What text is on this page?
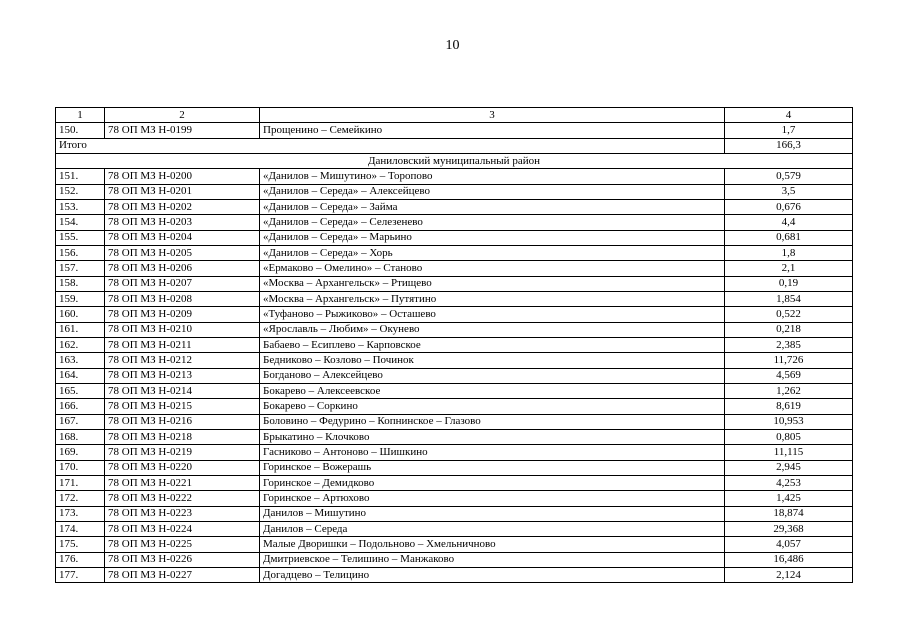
10
1	2	3	4
150.	78 ОП МЗ Н-0199	Прощенино – Семейкино	1,7
Итого			166,3
Даниловский муниципальный район			
151.	78 ОП МЗ Н-0200	«Данилов – Мишутино» – Торопово	0,579
152.	78 ОП МЗ Н-0201	«Данилов – Середа» – Алексейцево	3,5
153.	78 ОП МЗ Н-0202	«Данилов – Середа» – Займа	0,676
154.	78 ОП МЗ Н-0203	«Данилов – Середа» – Селезенево	4,4
155.	78 ОП МЗ Н-0204	«Данилов – Середа» – Марьино	0,681
156.	78 ОП МЗ Н-0205	«Данилов – Середа» – Хорь	1,8
157.	78 ОП МЗ Н-0206	«Ермаково – Омелино» – Станово	2,1
158.	78 ОП МЗ Н-0207	«Москва – Архангельск» – Ртищево	0,19
159.	78 ОП МЗ Н-0208	«Москва – Архангельск» – Путятино	1,854
160.	78 ОП МЗ Н-0209	«Туфаново – Рыжиково» – Осташево	0,522
161.	78 ОП МЗ Н-0210	«Ярославль – Любим» – Окунево	0,218
162.	78 ОП МЗ Н-0211	Бабаево – Есиплево – Карповское	2,385
163.	78 ОП МЗ Н-0212	Бедниково – Козлово – Починок	11,726
164.	78 ОП МЗ Н-0213	Богданово – Алексейцево	4,569
165.	78 ОП МЗ Н-0214	Бокарево – Алексеевское	1,262
166.	78 ОП МЗ Н-0215	Бокарево – Соркино	8,619
167.	78 ОП МЗ Н-0216	Боловино – Федурино – Копнинское – Глазово	10,953
168.	78 ОП МЗ Н-0218	Брыкатино – Клочково	0,805
169.	78 ОП МЗ Н-0219	Гасниково – Антоново – Шишкино	11,115
170.	78 ОП МЗ Н-0220	Горинское – Вожерашь	2,945
171.	78 ОП МЗ Н-0221	Горинское – Демидково	4,253
172.	78 ОП МЗ Н-0222	Горинское – Артюхово	1,425
173.	78 ОП МЗ Н-0223	Данилов – Мишутино	18,874
174.	78 ОП МЗ Н-0224	Данилов – Середа	29,368
175.	78 ОП МЗ Н-0225	Малые Дворишки – Подольново – Хмельничново	4,057
176.	78 ОП МЗ Н-0226	Дмитриевское – Телишино – Манжаково	16,486
177.	78 ОП МЗ Н-0227	Догадцево – Телицино	2,124
